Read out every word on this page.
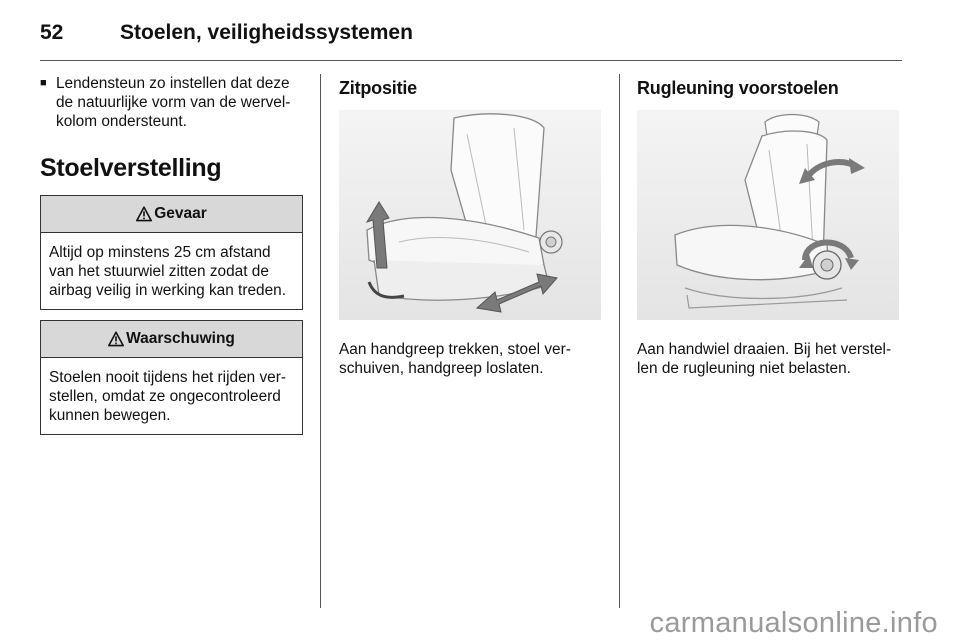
52	Stoelen, veiligheidssystemen
■ Lendensteun zo instellen dat deze
de natuurlijke vorm van de wervel-
kolom ondersteunt.
Stoelverstelling
Gevaar

Altijd op minstens 25 cm afstand

van het stuurwiel zitten zodat de

airbag veilig in werking kan treden.

Waarschuwing

Stoelen nooit tijdens het rijden ver-

stellen, omdat ze ongecontroleerd

kunnen bewegen.

Zitpositie

Aan handgreep trekken, stoel ver-

schuiven, handgreep loslaten.

Rugleuning voorstoelen

Aan handwiel draaien. Bij het verstel-

len de rugleuning niet belasten.

carmanualsonline.info
